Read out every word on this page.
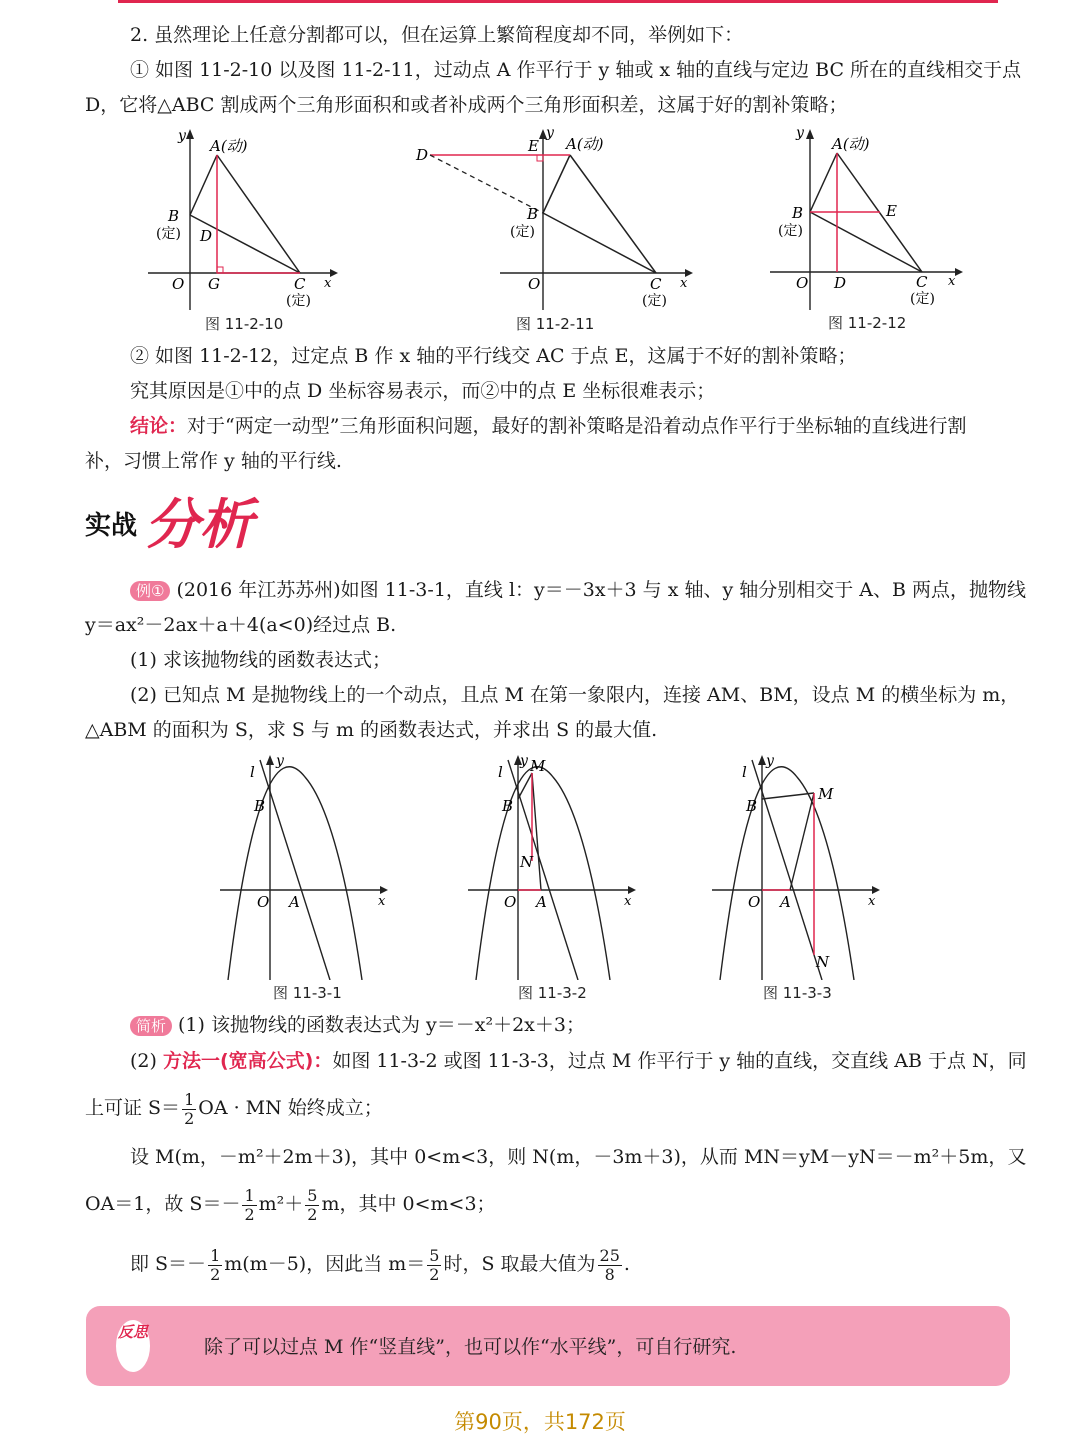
2. 虽然理论上任意分割都可以，但在运算上繁简程度却不同，举例如下：
① 如图 11-2-10 以及图 11-2-11，过动点 A 作平行于 y 轴或 x 轴的直线与定边 BC 所在的直线相交于点
D，它将△ABC 割成两个三角形面积和或者补成两个三角形面积差，这属于好的割补策略；
y
A(动)
B
(定) D
O G	C
(定)
x
图 11-2-10
y
D	E A(动)
B
(定)
O	C
(定)
x
图 11-2-11
y
A(动)
B
(定)
E
O D	C
(定)
x
图 11-2-12
② 如图 11-2-12，过定点 B 作 x 轴的平行线交 AC 于点 E，这属于不好的割补策略；
究其原因是①中的点 D 坐标容易表示，而②中的点 E 坐标很难表示；
结论：对于“两定一动型”三角形面积问题，最好的割补策略是沿着动点作平行于坐标轴的直线进行割
补，习惯上常作 y 轴的平行线.
实战 分析
例① (2016 年江苏苏州)如图 11-3-1，直线 l：y＝－3x＋3 与 x 轴、y 轴分别相交于 A、B 两点，抛物线
y＝ax²－2ax＋a＋4(a<0)经过点 B.
(1) 求该抛物线的函数表达式；
(2) 已知点 M 是抛物线上的一个动点，且点 M 在第一象限内，连接 AM、BM，设点 M 的横坐标为 m，
△ABM 的面积为 S，求 S 与 m 的函数表达式，并求出 S 的最大值.
l
y
B
O A	x
图 11-3-1
l
y M
B
N
O A	x
图 11-3-2
l
y
B
M
O A
N
x
图 11-3-3
简析 (1) 该抛物线的函数表达式为 y＝－x²＋2x＋3；
(2) 方法一(宽高公式)：如图 11-3-2 或图 11-3-3，过点 M 作平行于 y 轴的直线，交直线 AB 于点 N，同
上可证 $S= \frac{1}{2}$ OA · MN 始终成立；
设 M(m，－m²＋2m＋3)，其中 0<m<3，则 N(m，－3m＋3)，从而 MN＝yM－yN＝－m²＋5m，又
OA＝1，故 $S=- \frac{1}{2} m^2+ \frac{5}{2}$ m，其中 0<m<3；
即 $S=- \frac{1}{2} m(m-5)$，因此当 $m= \frac{5}{2}$ 时，S 取最大值为 $\frac{25}{8}$ .
反思
除了可以过点 M 作“竖直线”，也可以作“水平线”，可自行研究.
第90页，共172页
